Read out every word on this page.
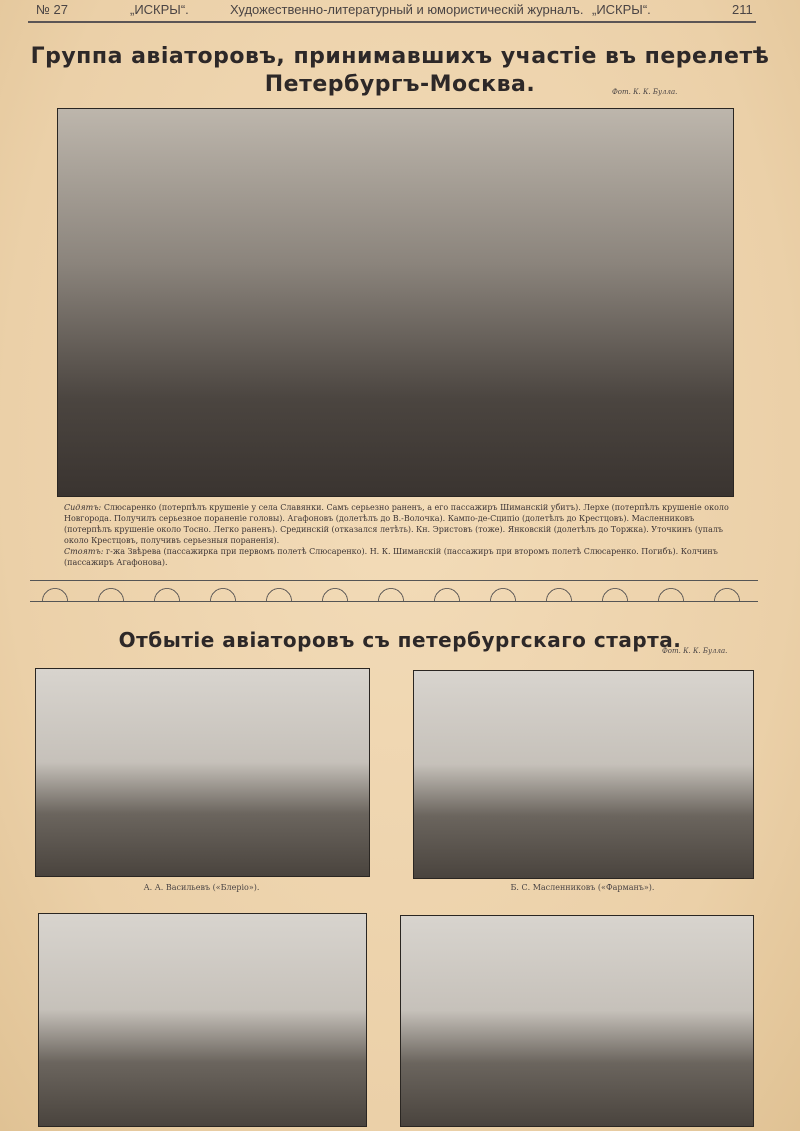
№ 27	„ИСКРЫ“.	Художественно-литературный и юмористическій журналъ. „ИСКРЫ“.	211
Группа авіаторовъ, принимавшихъ участіе въ перелетѣ
Петербургъ-Москва.	Фот. К. К. Булла.
Сидятъ: Слюсаренко (потерпѣлъ крушеніе у села Славянки. Самъ серьезно раненъ, а его пассажиръ Шиманскій убитъ). Лерхе (потерпѣлъ крушеніе около Новгорода. Получилъ серьезное пораненіе головы). Агафоновъ (долетѣлъ до В.-Волочка). Кампо-де-Сципіо (долетѣлъ до Крестцовъ). Масленниковъ (потерпѣлъ крушеніе около Тосно. Легко раненъ). Срединскій (отказался летѣть). Кн. Эристовъ (тоже). Янковскій (долетѣлъ до Торжка). Уточкинъ (упалъ около Крестцовъ, получивъ серьезныя пораненія).
Стоятъ: г-жа Звѣрева (пассажирка при первомъ полетѣ Слюсаренко). Н. К. Шиманскій (пассажиръ при второмъ полетѣ Слюсаренко. Погибъ). Колчинъ (пассажиръ Агафонова).
Отбытіе авіаторовъ съ петербургскаго старта.
Фот. К. К. Булла.
А. А. Васильевъ («Блеріо»).	Б. С. Масленниковъ («Фарманъ»).
